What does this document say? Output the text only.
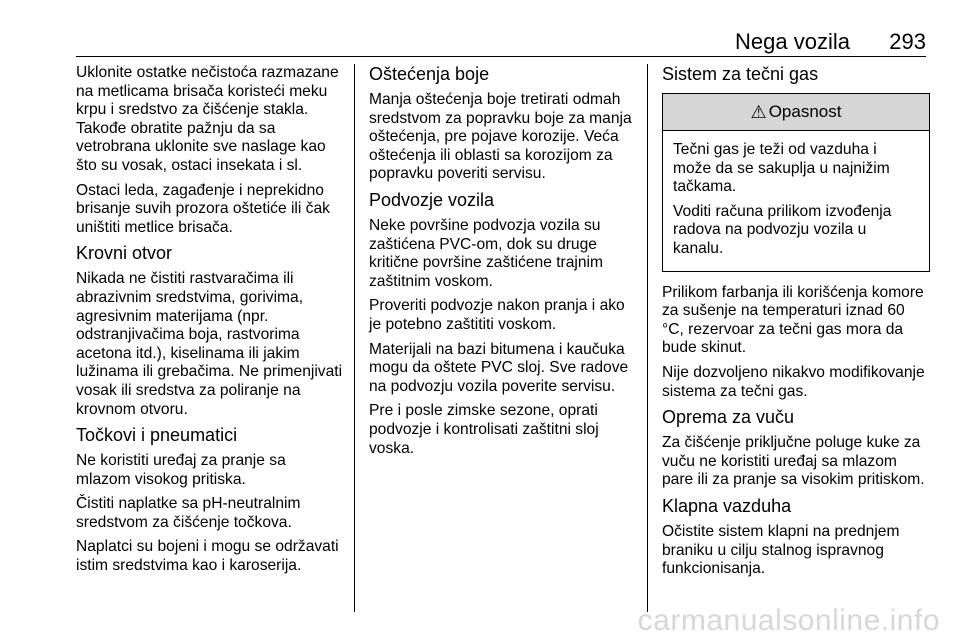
Nega vozila 293

Uklonite ostatke nečistoća razmazane na metlicama brisača koristeći meku krpu i sredstvo za čišćenje stakla. Takođe obratite pažnju da sa vetrobrana uklonite sve naslage kao što su vosak, ostaci insekata i sl.

Ostaci leda, zagađenje i neprekidno brisanje suvih prozora oštetiće ili čak uništiti metlice brisača.

Krovni otvor

Nikada ne čistiti rastvaračima ili abrazivnim sredstvima, gorivima, agresivnim materijama (npr. odstranjivačima boja, rastvorima acetona itd.), kiselinama ili jakim lužinama ili grebačima. Ne primenjivati vosak ili sredstva za poliranje na krovnom otvoru.

Točkovi i pneumatici

Ne koristiti uređaj za pranje sa mlazom visokog pritiska.

Čistiti naplatke sa pH-neutralnim sredstvom za čišćenje točkova.

Naplatci su bojeni i mogu se održavati istim sredstvima kao i karoserija.

Oštećenja boje

Manja oštećenja boje tretirati odmah sredstvom za popravku boje za manja oštećenja, pre pojave korozije. Veća oštećenja ili oblasti sa korozijom za popravku poveriti servisu.

Podvozje vozila

Neke površine podvozja vozila su zaštićena PVC-om, dok su druge kritične površine zaštićene trajnim zaštitnim voskom.

Proveriti podvozje nakon pranja i ako je potebno zaštititi voskom.

Materijali na bazi bitumena i kaučuka mogu da oštete PVC sloj. Sve radove na podvozju vozila poverite servisu.

Pre i posle zimske sezone, oprati podvozje i kontrolisati zaštitni sloj voska.

Sistem za tečni gas
⚠ Opasnost

Tečni gas je teži od vazduha i može da se sakuplja u najnižim tačkama.

Voditi računa prilikom izvođenja radova na podvozju vozila u kanalu.

Prilikom farbanja ili korišćenja komore za sušenje na temperaturi iznad 60 °C, rezervoar za tečni gas mora da bude skinut.

Nije dozvoljeno nikakvo modifikovanje sistema za tečni gas.

Oprema za vuču

Za čišćenje priključne poluge kuke za vuču ne koristiti uređaj sa mlazom pare ili za pranje sa visokim pritiskom.

Klapna vazduha

Očistite sistem klapni na prednjem braniku u cilju stalnog ispravnog funkcionisanja.

carmanualsonline.info
